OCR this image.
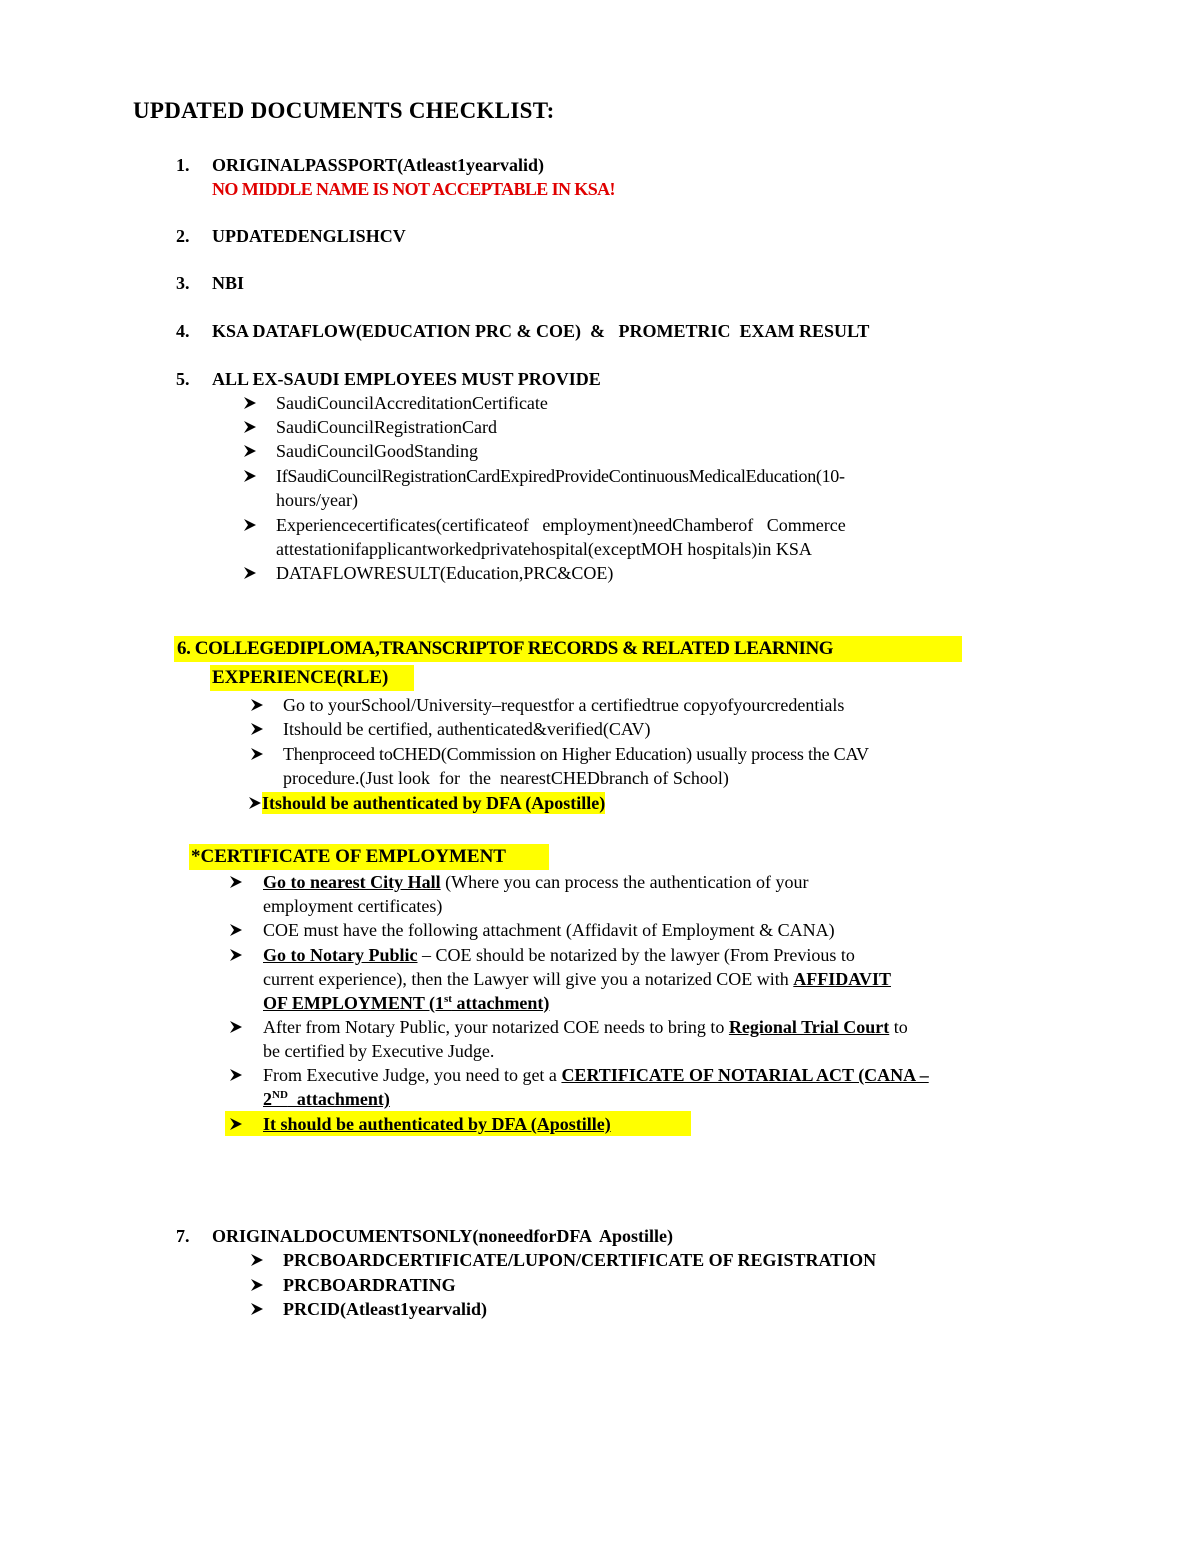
UPDATED DOCUMENTS CHECKLIST:
1. ORIGINALPASSPORT(Atleast1yearvalid)
NO MIDDLE NAME IS NOT ACCEPTABLE IN KSA!
2. UPDATEDENGLISHCV
3. NBI
4. KSA DATAFLOW(EDUCATION PRC & COE)  &   PROMETRIC  EXAM RESULT
5. ALL EX-SAUDI EMPLOYEES MUST PROVIDE
SaudiCouncilAccreditationCertificate
SaudiCouncilRegistrationCard
SaudiCouncilGoodStanding
IfSaudiCouncilRegistrationCardExpiredProvideContinuousMedicalEducation(10-
hours/year)
Experiencecertificates(certificateof   employment)needChamberof   Commerce
attestationifapplicantworkedprivatehospital(exceptMOH hospitals)in KSA
DATAFLOWRESULT(Education,PRC&COE)
6. COLLEGEDIPLOMA,TRANSCRIPTOF RECORDS & RELATED LEARNING
EXPERIENCE(RLE)
Go to yourSchool/University–requestfor a certifiedtrue copyofyourcredentials
Itshould be certified, authenticated&verified(CAV)
Thenproceed toCHED(Commission on Higher Education) usually process the CAV
procedure.(Just look  for  the  nearestCHEDbranch of School)
Itshould be authenticated by DFA (Apostille)
*CERTIFICATE OF EMPLOYMENT
Go to nearest City Hall (Where you can process the authentication of your
employment certificates)
COE must have the following attachment (Affidavit of Employment & CANA)
Go to Notary Public – COE should be notarized by the lawyer (From Previous to
current experience), then the Lawyer will give you a notarized COE with AFFIDAVIT
OF EMPLOYMENT (1st attachment)
After from Notary Public, your notarized COE needs to bring to Regional Trial Court to
be certified by Executive Judge.
From Executive Judge, you need to get a CERTIFICATE OF NOTARIAL ACT (CANA –
2ND  attachment)
It should be authenticated by DFA (Apostille)
7. ORIGINALDOCUMENTSONLY(noneedforDFA  Apostille)
PRCBOARDCERTIFICATE/LUPON/CERTIFICATE OF REGISTRATION
PRCBOARDRATING
PRCID(Atleast1yearvalid)
